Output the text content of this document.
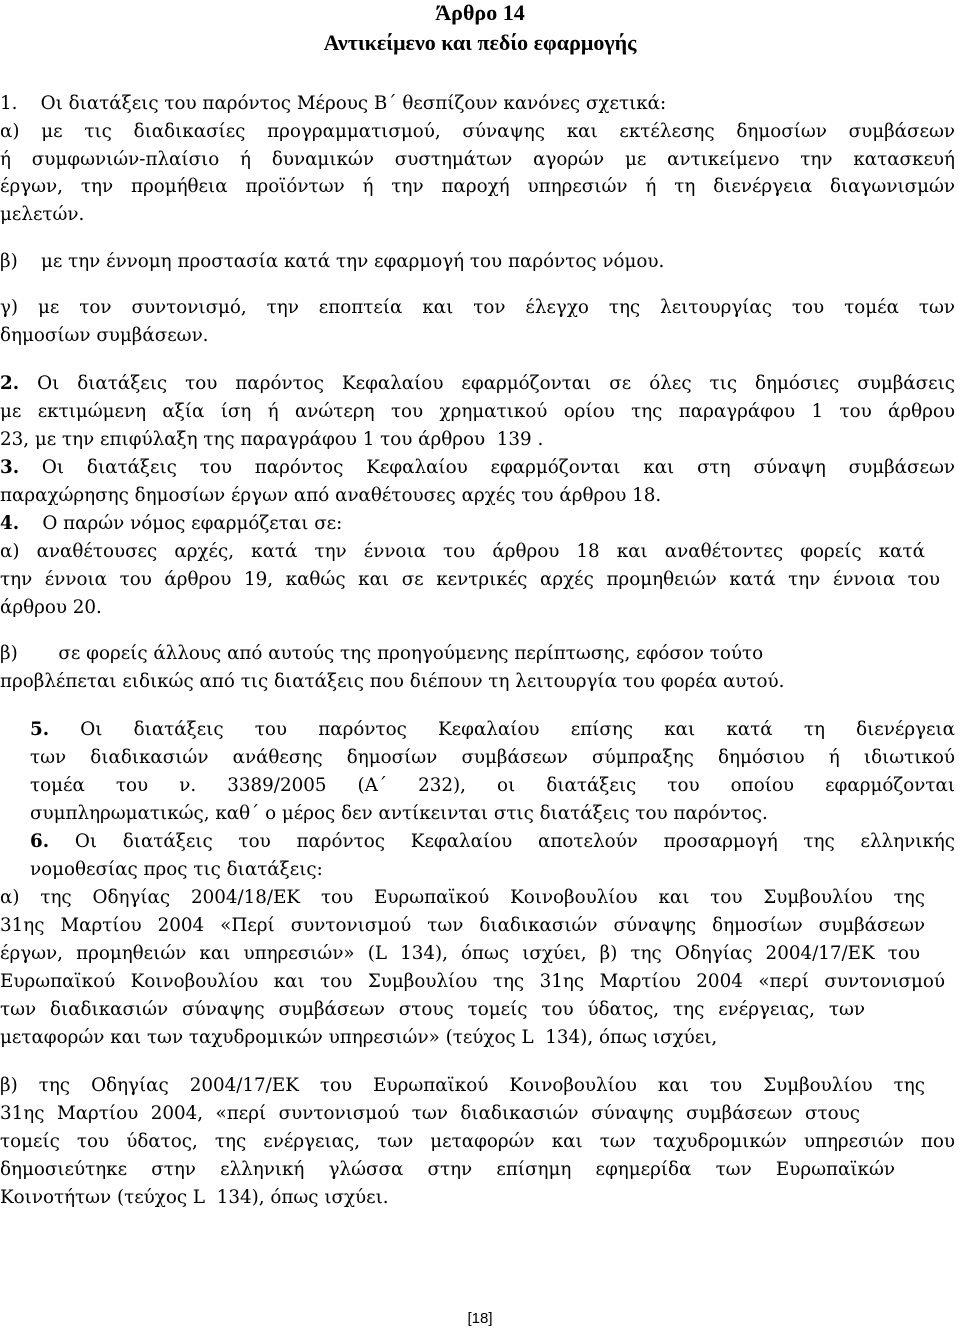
Άρθρο 14
Αντικείμενο και πεδίο εφαρμογής
1.    Οι διατάξεις του παρόντος Μέρους Β΄ θεσπίζουν κανόνες σχετικά:
α) με τις διαδικασίες προγραμματισμού, σύναψης και εκτέλεσης δημοσίων συμβάσεων
ή συμφωνιών-πλαίσιο ή δυναμικών συστημάτων αγορών με αντικείμενο την κατασκευή
έργων, την προμήθεια προϊόντων ή την παροχή υπηρεσιών ή τη διενέργεια διαγωνισμών
μελετών.
β)    με την έννομη προστασία κατά την εφαρμογή του παρόντος νόμου.
γ) με τον συντονισμό, την εποπτεία και τον έλεγχο της λειτουργίας του τομέα των
δημοσίων συμβάσεων.
2. Οι διατάξεις του παρόντος Κεφαλαίου εφαρμόζονται σε όλες τις δημόσιες συμβάσεις
με εκτιμώμενη αξία ίση ή ανώτερη του χρηματικού ορίου της παραγράφου 1 του άρθρου
23, με την επιφύλαξη της παραγράφου 1 του άρθρου  139 .
3. Οι διατάξεις του παρόντος Κεφαλαίου εφαρμόζονται και στη σύναψη συμβάσεων
παραχώρησης δημοσίων έργων από αναθέτουσες αρχές του άρθρου 18.
4.    Ο παρών νόμος εφαρμόζεται σε:
α) αναθέτουσες αρχές, κατά την έννοια του άρθρου 18 και αναθέτοντες φορείς κατά
την έννοια του άρθρου 19, καθώς και σε κεντρικές αρχές προμηθειών κατά την έννοια του
άρθρου 20.
β)       σε φορείς άλλους από αυτούς της προηγούμενης περίπτωσης, εφόσον τούτο
προβλέπεται ειδικώς από τις διατάξεις που διέπουν τη λειτουργία του φορέα αυτού.
5. Οι διατάξεις του παρόντος Κεφαλαίου επίσης και κατά τη διενέργεια
των διαδικασιών ανάθεσης δημοσίων συμβάσεων σύμπραξης δημόσιου ή ιδιωτικού
τομέα του ν. 3389/2005 (Α΄ 232), οι διατάξεις του οποίου εφαρμόζονται
συμπληρωματικώς, καθ΄ ο μέρος δεν αντίκεινται στις διατάξεις του παρόντος.
6. Οι διατάξεις του παρόντος Κεφαλαίου αποτελούν προσαρμογή της ελληνικής
νομοθεσίας προς τις διατάξεις:
α) της Οδηγίας 2004/18/ΕΚ του Ευρωπαϊκού Κοινοβουλίου και του Συμβουλίου της
31ης Μαρτίου 2004 «Περί συντονισμού των διαδικασιών σύναψης δημοσίων συμβάσεων
έργων, προμηθειών και υπηρεσιών» (L 134), όπως ισχύει, β) της Οδηγίας 2004/17/ΕΚ του
Ευρωπαϊκού Κοινοβουλίου και του Συμβουλίου της 31ης Μαρτίου 2004 «περί συντονισμού
των διαδικασιών σύναψης συμβάσεων στους τομείς του ύδατος, της ενέργειας, των
μεταφορών και των ταχυδρομικών υπηρεσιών» (τεύχος L  134), όπως ισχύει,
β) της Οδηγίας 2004/17/ΕΚ του Ευρωπαϊκού Κοινοβουλίου και του Συμβουλίου της
31ης Μαρτίου 2004, «περί συντονισμού των διαδικασιών σύναψης συμβάσεων στους
τομείς του ύδατος, της ενέργειας, των μεταφορών και των ταχυδρομικών υπηρεσιών που
δημοσιεύτηκε στην ελληνική γλώσσα στην επίσημη εφημερίδα των Ευρωπαϊκών
Κοινοτήτων (τεύχος L  134), όπως ισχύει.
[18]
